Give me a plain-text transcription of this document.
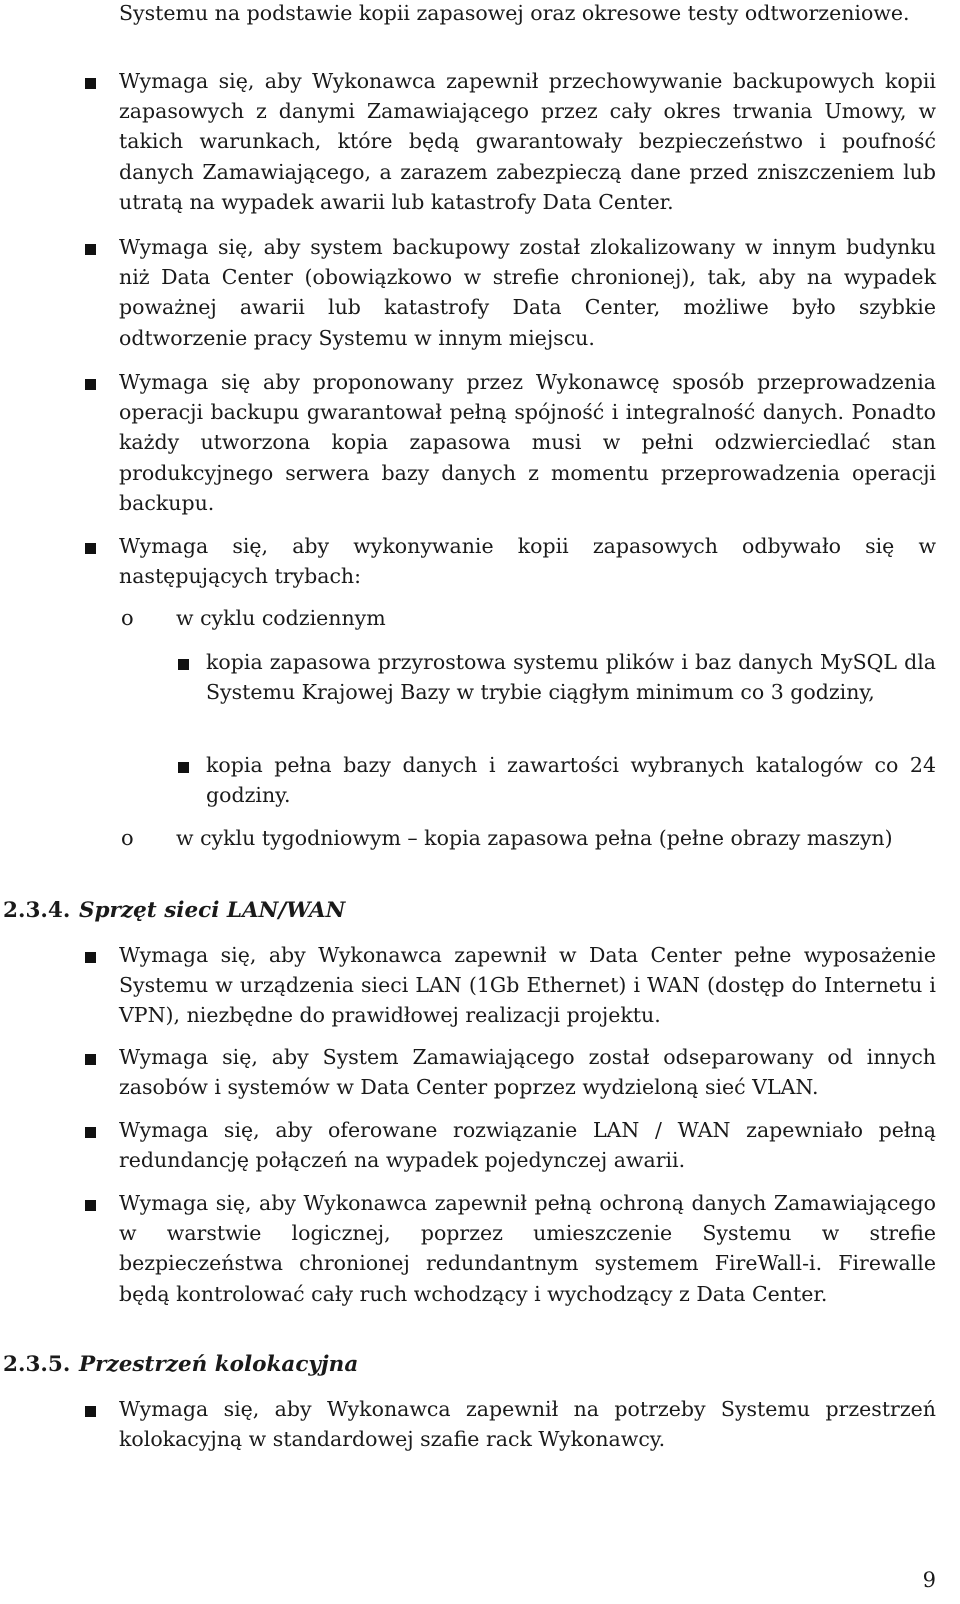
Systemu na podstawie kopii zapasowej oraz okresowe testy odtworzeniowe.

Wymaga się, aby Wykonawca zapewnił przechowywanie backupowych kopii zapasowych z danymi Zamawiającego przez cały okres trwania Umowy, w takich warunkach, które będą gwarantowały bezpieczeństwo i poufność danych Zamawiającego, a zarazem zabezpieczą dane przed zniszczeniem lub utratą na wypadek awarii lub katastrofy Data Center.

Wymaga się, aby system backupowy został zlokalizowany w innym budynku niż Data Center (obowiązkowo w strefie chronionej), tak, aby na wypadek poważnej awarii lub katastrofy Data Center, możliwe było szybkie odtworzenie pracy Systemu w innym miejscu.

Wymaga się aby proponowany przez Wykonawcę sposób przeprowadzenia operacji backupu gwarantował pełną spójność i integralność danych. Ponadto każdy utworzona kopia zapasowa musi w pełni odzwierciedlać stan produkcyjnego serwera bazy danych z momentu przeprowadzenia operacji backupu.

Wymaga się, aby wykonywanie kopii zapasowych odbywało się w następujących trybach:

o w cyklu codziennym

kopia zapasowa przyrostowa systemu plików i baz danych MySQL dla Systemu Krajowej Bazy w trybie ciągłym minimum co 3 godziny,

kopia pełna bazy danych i zawartości wybranych katalogów co 24 godziny.

o w cyklu tygodniowym – kopia zapasowa pełna (pełne obrazy maszyn)

2.3.4. Sprzęt sieci LAN/WAN

Wymaga się, aby Wykonawca zapewnił w Data Center pełne wyposażenie Systemu w urządzenia sieci LAN (1Gb Ethernet) i WAN (dostęp do Internetu i VPN), niezbędne do prawidłowej realizacji projektu.

Wymaga się, aby System Zamawiającego został odseparowany od innych zasobów i systemów w Data Center poprzez wydzieloną sieć VLAN.

Wymaga się, aby oferowane rozwiązanie LAN / WAN zapewniało pełną redundancję połączeń na wypadek pojedynczej awarii.

Wymaga się, aby Wykonawca zapewnił pełną ochroną danych Zamawiającego w warstwie logicznej, poprzez umieszczenie Systemu w strefie bezpieczeństwa chronionej redundantnym systemem FireWall-i. Firewalle będą kontrolować cały ruch wchodzący i wychodzący z Data Center.

2.3.5. Przestrzeń kolokacyjna

Wymaga się, aby Wykonawca zapewnił na potrzeby Systemu przestrzeń kolokacyjną w standardowej szafie rack Wykonawcy.

9
